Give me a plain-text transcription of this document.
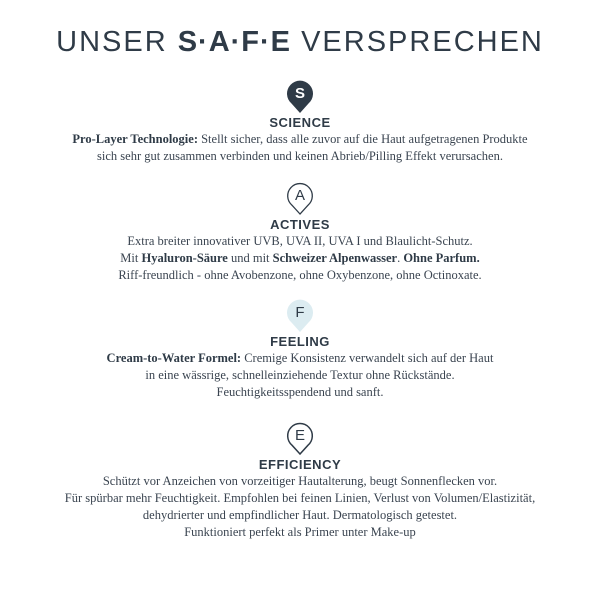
UNSER S·A·F·E VERSPRECHEN
S
SCIENCE
Pro-Layer Technologie: Stellt sicher, dass alle zuvor auf die Haut aufgetragenen Produkte
sich sehr gut zusammen verbinden und keinen Abrieb/Pilling Effekt verursachen.
A
ACTIVES
Extra breiter innovativer UVB, UVA II, UVA I und Blaulicht-Schutz.
Mit Hyaluron-Säure und mit Schweizer Alpenwasser. Ohne Parfum.
Riff-freundlich - ohne Avobenzone, ohne Oxybenzone, ohne Octinoxate.
F
FEELING
Cream-to-Water Formel: Cremige Konsistenz verwandelt sich auf der Haut
in eine wässrige, schnelleinziehende Textur ohne Rückstände.
Feuchtigkeitsspendend und sanft.
E
EFFICIENCY
Schützt vor Anzeichen von vorzeitiger Hautalterung, beugt Sonnenflecken vor.
Für spürbar mehr Feuchtigkeit. Empfohlen bei feinen Linien, Verlust von Volumen/Elastizität,
dehydrierter und empfindlicher Haut. Dermatologisch getestet.
Funktioniert perfekt als Primer unter Make-up
